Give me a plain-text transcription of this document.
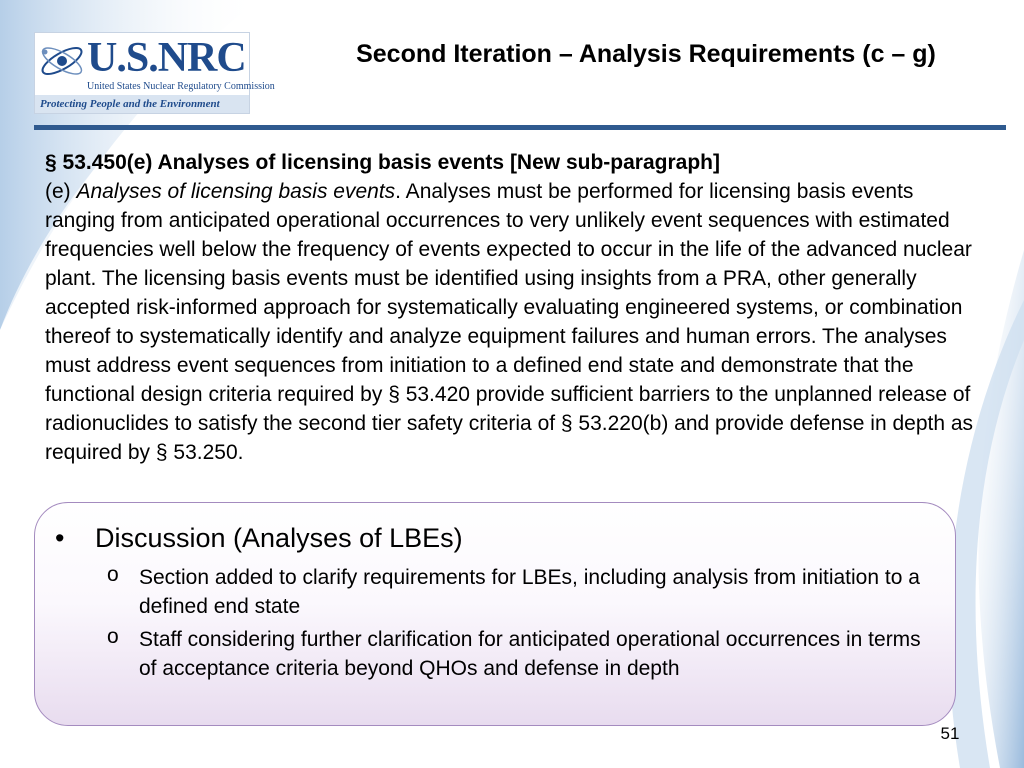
U.S.NRC
United States Nuclear Regulatory Commission
Protecting People and the Environment
Second Iteration – Analysis Requirements (c – g)
§ 53.450(e) Analyses of licensing basis events [New sub-paragraph]
(e) Analyses of licensing basis events. Analyses must be performed for licensing basis events ranging from anticipated operational occurrences to very unlikely event sequences with estimated frequencies well below the frequency of events expected to occur in the life of the advanced nuclear plant. The licensing basis events must be identified using insights from a PRA, other generally accepted risk-informed approach for systematically evaluating engineered systems, or combination thereof to systematically identify and analyze equipment failures and human errors. The analyses must address event sequences from initiation to a defined end state and demonstrate that the functional design criteria required by § 53.420 provide sufficient barriers to the unplanned release of radionuclides to satisfy the second tier safety criteria of § 53.220(b) and provide defense in depth as required by § 53.250.
• Discussion (Analyses of LBEs)
o Section added to clarify requirements for LBEs, including analysis from initiation to a defined end state
o Staff considering further clarification for anticipated operational occurrences in terms of acceptance criteria beyond QHOs and defense in depth
51
